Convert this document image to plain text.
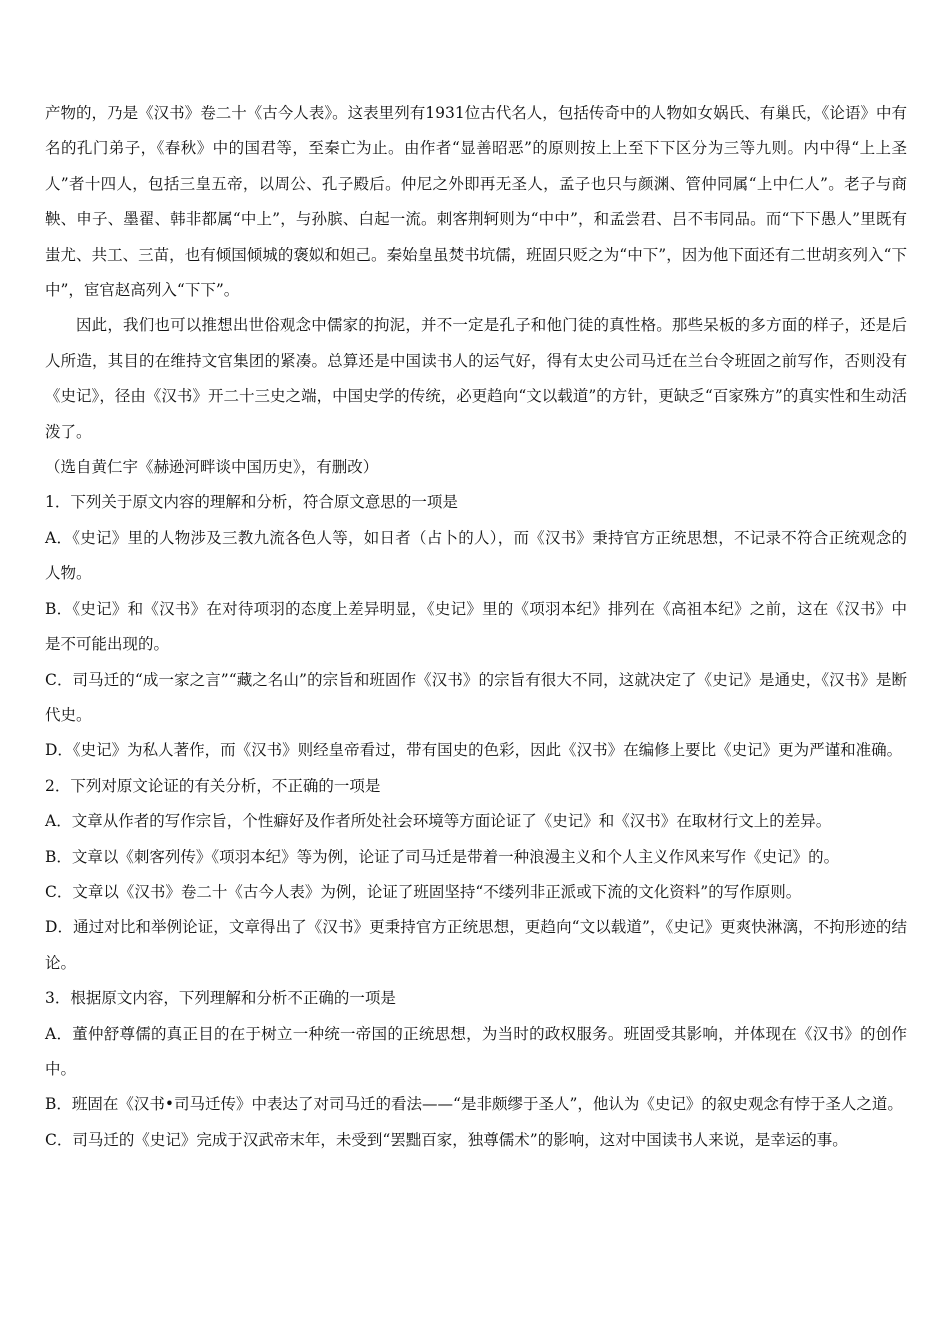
产物的，乃是《汉书》卷二十《古今人表》。这表里列有1931位古代名人，包括传奇中的人物如女娲氏、有巢氏，《论语》中有名的孔门弟子，《春秋》中的国君等，至秦亡为止。由作者“显善昭恶”的原则按上上至下下区分为三等九则。内中得“上上圣人”者十四人，包括三皇五帝，以周公、孔子殿后。仲尼之外即再无圣人，孟子也只与颜渊、管仲同属“上中仁人”。老子与商鞅、申子、墨翟、韩非都属“中上”，与孙膑、白起一流。刺客荆轲则为“中中”，和孟尝君、吕不韦同品。而“下下愚人”里既有蚩尤、共工、三苗，也有倾国倾城的褒姒和妲己。秦始皇虽焚书坑儒，班固只贬之为“中下”，因为他下面还有二世胡亥列入“下中”，宦官赵高列入“下下”。

因此，我们也可以推想出世俗观念中儒家的拘泥，并不一定是孔子和他门徒的真性格。那些呆板的多方面的样子，还是后人所造，其目的在维持文官集团的紧凑。总算还是中国读书人的运气好，得有太史公司马迁在兰台令班固之前写作，否则没有《史记》，径由《汉书》开二十三史之端，中国史学的传统，必更趋向“文以载道”的方针，更缺乏“百家殊方”的真实性和生动活泼了。

（选自黄仁宇《赫逊河畔谈中国历史》，有删改）

1．下列关于原文内容的理解和分析，符合原文意思的一项是

A．《史记》里的人物涉及三教九流各色人等，如日者（占卜的人），而《汉书》秉持官方正统思想，不记录不符合正统观念的人物。

B．《史记》和《汉书》在对待项羽的态度上差异明显，《史记》里的《项羽本纪》排列在《高祖本纪》之前，这在《汉书》中是不可能出现的。

C．司马迁的“成一家之言”“藏之名山”的宗旨和班固作《汉书》的宗旨有很大不同，这就决定了《史记》是通史，《汉书》是断代史。

D．《史记》为私人著作，而《汉书》则经皇帝看过，带有国史的色彩，因此《汉书》在编修上要比《史记》更为严谨和准确。

2．下列对原文论证的有关分析，不正确的一项是

A．文章从作者的写作宗旨，个性癖好及作者所处社会环境等方面论证了《史记》和《汉书》在取材行文上的差异。

B．文章以《刺客列传》《项羽本纪》等为例，论证了司马迁是带着一种浪漫主义和个人主义作风来写作《史记》的。

C．文章以《汉书》卷二十《古今人表》为例，论证了班固坚持“不缕列非正派或下流的文化资料”的写作原则。

D．通过对比和举例论证，文章得出了《汉书》更秉持官方正统思想，更趋向“文以载道”，《史记》更爽快淋漓，不拘形迹的结论。

3．根据原文内容，下列理解和分析不正确的一项是

A．董仲舒尊儒的真正目的在于树立一种统一帝国的正统思想，为当时的政权服务。班固受其影响，并体现在《汉书》的创作中。

B．班固在《汉书•司马迁传》中表达了对司马迁的看法——“是非颇缪于圣人”，他认为《史记》的叙史观念有悖于圣人之道。

C．司马迁的《史记》完成于汉武帝末年，未受到“罢黜百家，独尊儒术”的影响，这对中国读书人来说，是幸运的事。
